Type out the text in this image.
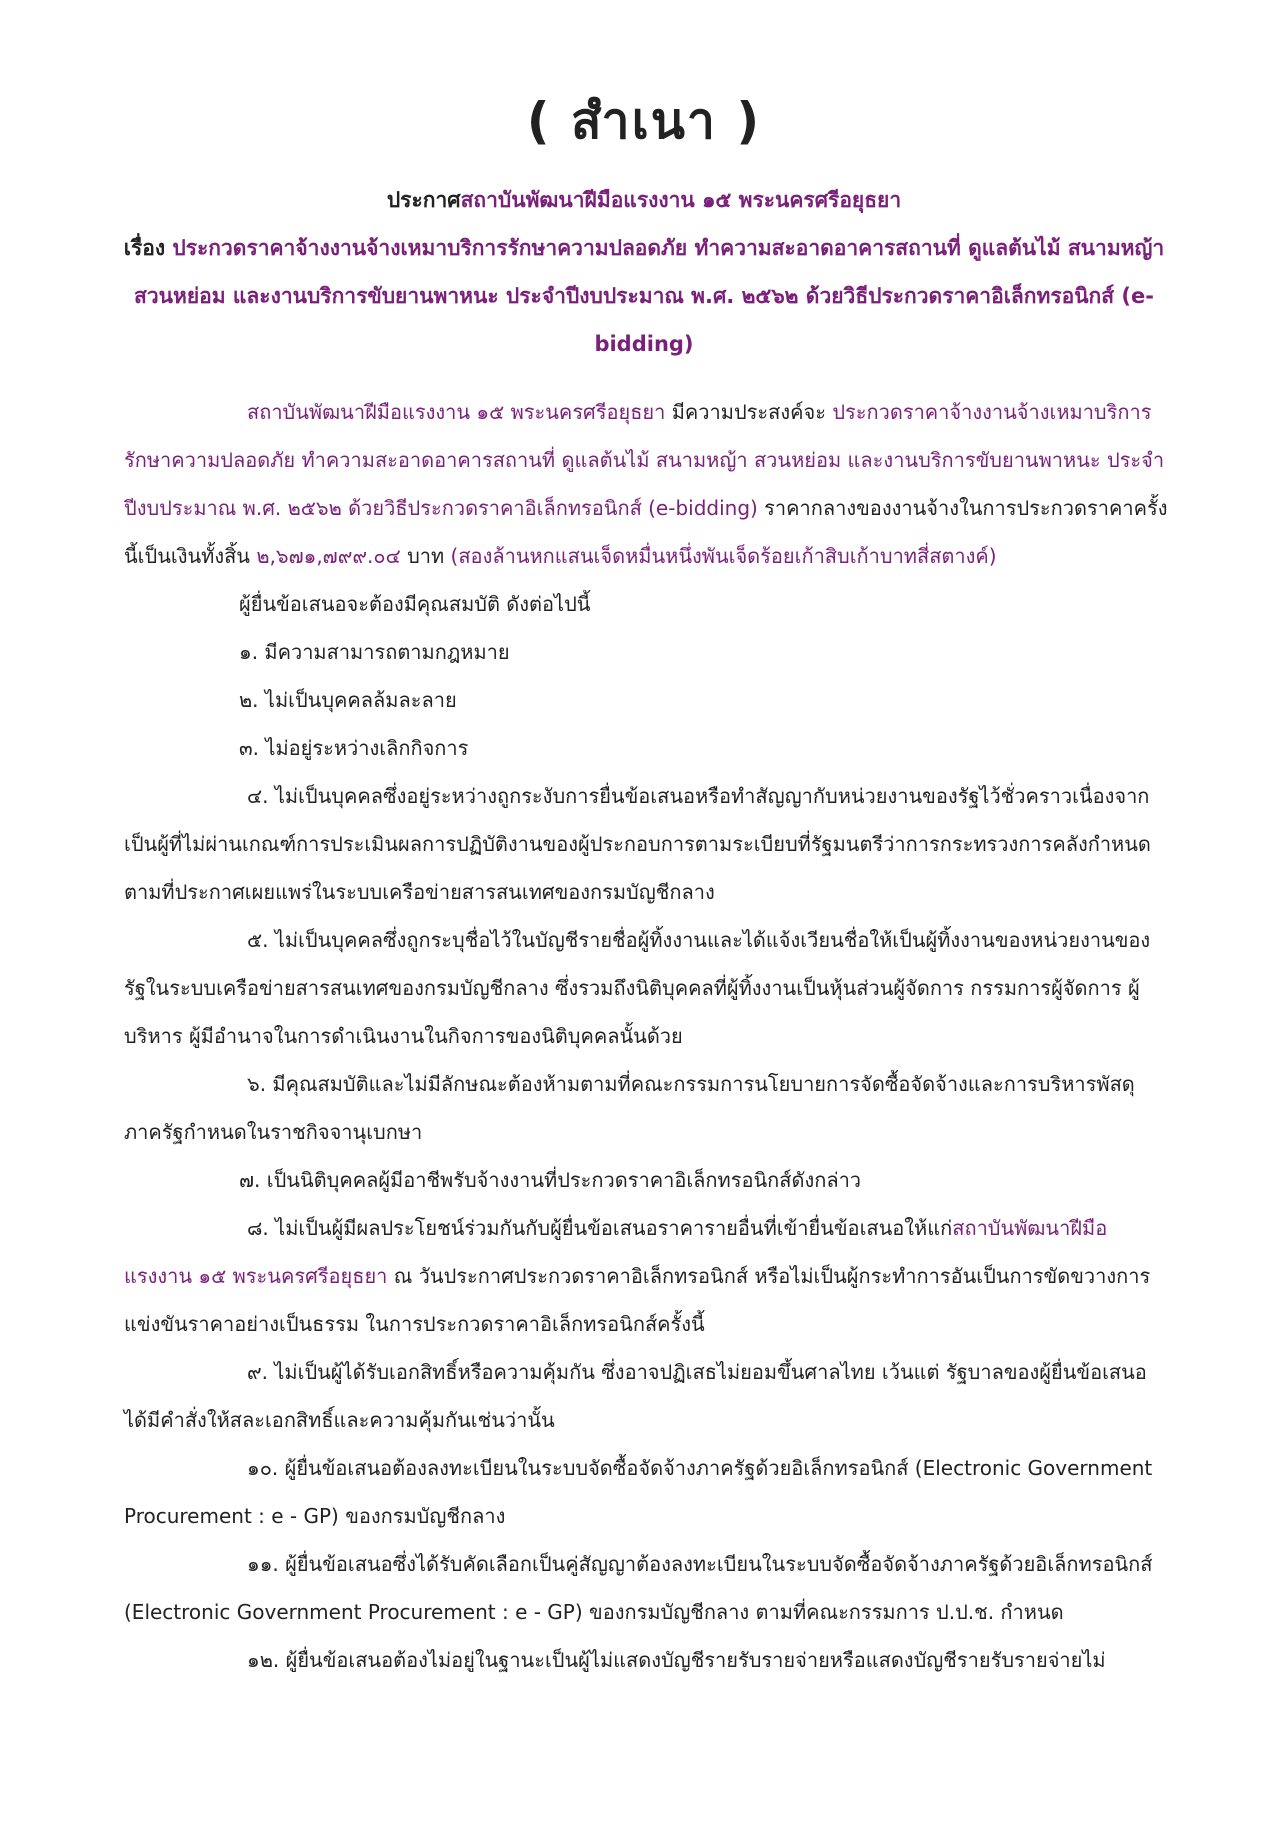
( สำเนา )
ประกาศสถาบันพัฒนาฝีมือแรงงาน ๑๕ พระนครศรีอยุธยา
เรื่อง ประกวดราคาจ้างงานจ้างเหมาบริการรักษาความปลอดภัย ทำความสะอาดอาคารสถานที่ ดูแลต้นไม้ สนามหญ้า สวนหย่อม และงานบริการขับยานพาหนะ ประจำปีงบประมาณ พ.ศ. ๒๕๖๒ ด้วยวิธีประกวดราคาอิเล็กทรอนิกส์ (e-bidding)

สถาบันพัฒนาฝีมือแรงงาน ๑๕ พระนครศรีอยุธยา มีความประสงค์จะ ประกวดราคาจ้างงานจ้างเหมาบริการรักษาความปลอดภัย ทำความสะอาดอาคารสถานที่ ดูแลต้นไม้ สนามหญ้า สวนหย่อม และงานบริการขับยานพาหนะ ประจำปีงบประมาณ พ.ศ. ๒๕๖๒ ด้วยวิธีประกวดราคาอิเล็กทรอนิกส์ (e-bidding) ราคากลางของงานจ้างในการประกวดราคาครั้งนี้เป็นเงินทั้งสิ้น ๒,๖๗๑,๗๙๙.๐๔ บาท (สองล้านหกแสนเจ็ดหมื่นหนึ่งพันเจ็ดร้อยเก้าสิบเก้าบาทสี่สตางค์)

ผู้ยื่นข้อเสนอจะต้องมีคุณสมบัติ ดังต่อไปนี้

๑. มีความสามารถตามกฎหมาย

๒. ไม่เป็นบุคคลล้มละลาย

๓. ไม่อยู่ระหว่างเลิกกิจการ

๔. ไม่เป็นบุคคลซึ่งอยู่ระหว่างถูกระงับการยื่นข้อเสนอหรือทำสัญญากับหน่วยงานของรัฐไว้ชั่วคราวเนื่องจากเป็นผู้ที่ไม่ผ่านเกณฑ์การประเมินผลการปฏิบัติงานของผู้ประกอบการตามระเบียบที่รัฐมนตรีว่าการกระทรวงการคลังกำหนดตามที่ประกาศเผยแพร่ในระบบเครือข่ายสารสนเทศของกรมบัญชีกลาง

๕. ไม่เป็นบุคคลซึ่งถูกระบุชื่อไว้ในบัญชีรายชื่อผู้ทิ้งงานและได้แจ้งเวียนชื่อให้เป็นผู้ทิ้งงานของหน่วยงานของรัฐในระบบเครือข่ายสารสนเทศของกรมบัญชีกลาง ซึ่งรวมถึงนิติบุคคลที่ผู้ทิ้งงานเป็นหุ้นส่วนผู้จัดการ กรรมการผู้จัดการ ผู้บริหาร ผู้มีอำนาจในการดำเนินงานในกิจการของนิติบุคคลนั้นด้วย

๖. มีคุณสมบัติและไม่มีลักษณะต้องห้ามตามที่คณะกรรมการนโยบายการจัดซื้อจัดจ้างและการบริหารพัสดุภาครัฐกำหนดในราชกิจจานุเบกษา

๗. เป็นนิติบุคคลผู้มีอาชีพรับจ้างงานที่ประกวดราคาอิเล็กทรอนิกส์ดังกล่าว

๘. ไม่เป็นผู้มีผลประโยชน์ร่วมกันกับผู้ยื่นข้อเสนอราคารายอื่นที่เข้ายื่นข้อเสนอให้แก่สถาบันพัฒนาฝีมือแรงงาน ๑๕ พระนครศรีอยุธยา ณ วันประกาศประกวดราคาอิเล็กทรอนิกส์ หรือไม่เป็นผู้กระทำการอันเป็นการขัดขวางการแข่งขันราคาอย่างเป็นธรรม ในการประกวดราคาอิเล็กทรอนิกส์ครั้งนี้

๙. ไม่เป็นผู้ได้รับเอกสิทธิ์หรือความคุ้มกัน ซึ่งอาจปฏิเสธไม่ยอมขึ้นศาลไทย เว้นแต่ รัฐบาลของผู้ยื่นข้อเสนอได้มีคำสั่งให้สละเอกสิทธิ์และความคุ้มกันเช่นว่านั้น

๑๐. ผู้ยื่นข้อเสนอต้องลงทะเบียนในระบบจัดซื้อจัดจ้างภาครัฐด้วยอิเล็กทรอนิกส์ (Electronic Government Procurement : e - GP) ของกรมบัญชีกลาง

๑๑. ผู้ยื่นข้อเสนอซึ่งได้รับคัดเลือกเป็นคู่สัญญาต้องลงทะเบียนในระบบจัดซื้อจัดจ้างภาครัฐด้วยอิเล็กทรอนิกส์ (Electronic Government Procurement : e - GP) ของกรมบัญชีกลาง ตามที่คณะกรรมการ ป.ป.ช. กำหนด

๑๒. ผู้ยื่นข้อเสนอต้องไม่อยู่ในฐานะเป็นผู้ไม่แสดงบัญชีรายรับรายจ่ายหรือแสดงบัญชีรายรับรายจ่ายไม่
